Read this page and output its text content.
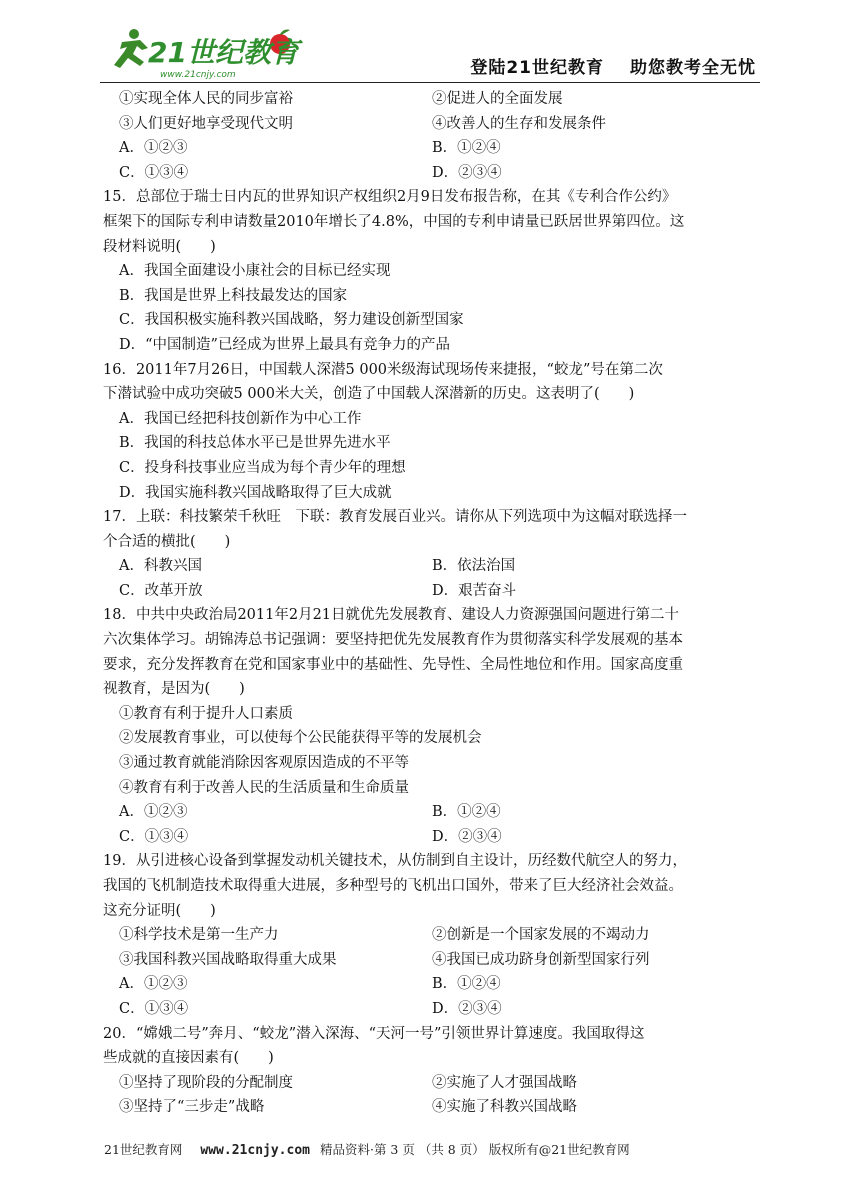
21世纪教育
www.21cnjy.com	登陆21世纪教育 助您教考全无忧
①实现全体人民的同步富裕	②促进人的全面发展
③人们更好地享受现代文明	④改善人的生存和发展条件
A．①②③	B．①②④
C．①③④	D．②③④
15．总部位于瑞士日内瓦的世界知识产权组织2月9日发布报告称，在其《专利合作公约》
框架下的国际专利申请数量2010年增长了4.8%，中国的专利申请量已跃居世界第四位。这
段材料说明(　　)
A．我国全面建设小康社会的目标已经实现
B．我国是世界上科技最发达的国家
C．我国积极实施科教兴国战略，努力建设创新型国家
D．“中国制造”已经成为世界上最具有竞争力的产品
16．2011年7月26日，中国载人深潜5 000米级海试现场传来捷报，“蛟龙”号在第二次
下潜试验中成功突破5 000米大关，创造了中国载人深潜新的历史。这表明了(　　)
A．我国已经把科技创新作为中心工作
B．我国的科技总体水平已是世界先进水平
C．投身科技事业应当成为每个青少年的理想
D．我国实施科教兴国战略取得了巨大成就
17．上联：科技繁荣千秋旺　下联：教育发展百业兴。请你从下列选项中为这幅对联选择一
个合适的横批(　　)
A．科教兴国	B．依法治国
C．改革开放	D．艰苦奋斗
18．中共中央政治局2011年2月21日就优先发展教育、建设人力资源强国问题进行第二十
六次集体学习。胡锦涛总书记强调：要坚持把优先发展教育作为贯彻落实科学发展观的基本
要求，充分发挥教育在党和国家事业中的基础性、先导性、全局性地位和作用。国家高度重
视教育，是因为(　　)
①教育有利于提升人口素质
②发展教育事业，可以使每个公民能获得平等的发展机会
③通过教育就能消除因客观原因造成的不平等
④教育有利于改善人民的生活质量和生命质量
A．①②③	B．①②④
C．①③④	D．②③④
19．从引进核心设备到掌握发动机关键技术，从仿制到自主设计，历经数代航空人的努力，
我国的飞机制造技术取得重大进展，多种型号的飞机出口国外，带来了巨大经济社会效益。
这充分证明(　　)
①科学技术是第一生产力	②创新是一个国家发展的不竭动力
③我国科教兴国战略取得重大成果	④我国已成功跻身创新型国家行列
A．①②③	B．①②④
C．①③④	D．②③④
20．“嫦娥二号”奔月、“蛟龙”潜入深海、“天河一号”引领世界计算速度。我国取得这
些成就的直接因素有(　　)
①坚持了现阶段的分配制度	②实施了人才强国战略
③坚持了“三步走”战略	④实施了科教兴国战略
21世纪教育网 www.21cnjy.com 精品资料·第 3 页 （共 8 页） 版权所有@21世纪教育网
